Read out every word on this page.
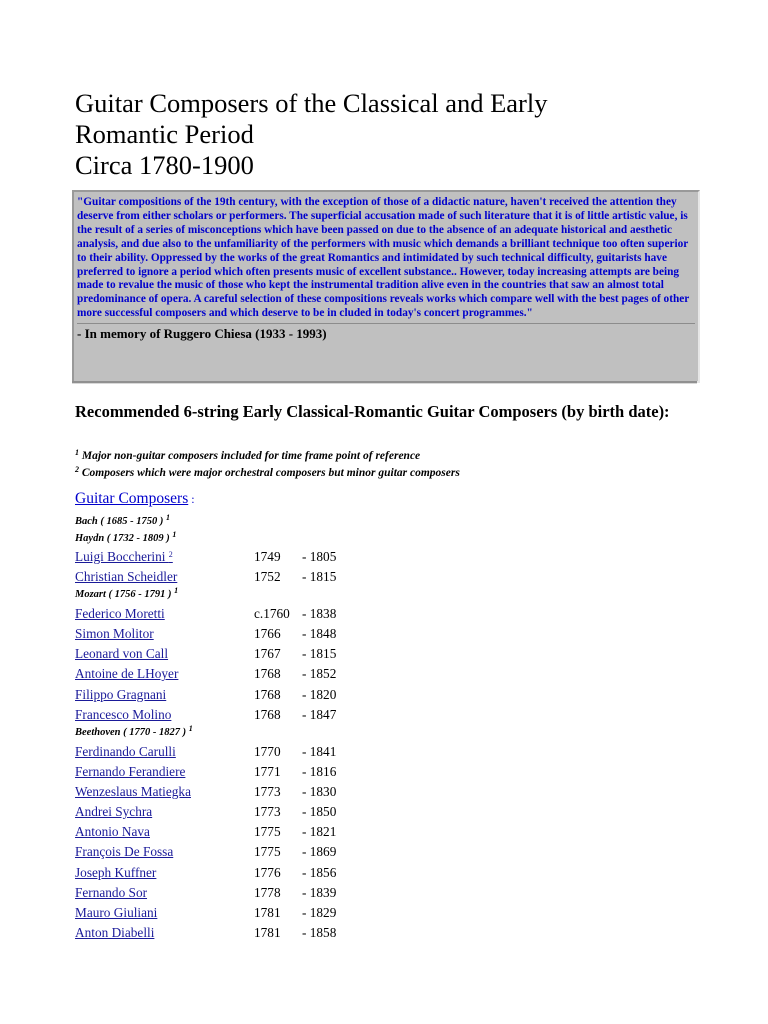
Guitar Composers of the Classical and Early
Romantic Period
Circa 1780-1900

"Guitar compositions of the 19th century, with the exception of those of a didactic nature, haven't received the attention they deserve from either scholars or performers. The superficial accusation made of such literature that it is of little artistic value, is the result of a series of misconceptions which have been passed on due to the absence of an adequate historical and aesthetic analysis, and due also to the unfamiliarity of the performers with music which demands a brilliant technique too often superior to their ability. Oppressed by the works of the great Romantics and intimidated by such technical difficulty, guitarists have preferred to ignore a period which often presents music of excellent substance.. However, today increasing attempts are being made to revalue the music of those who kept the instrumental tradition alive even in the countries that saw an almost total predominance of opera. A careful selection of these compositions reveals works which compare well with the best pages of other more successful composers and which deserve to be in cluded in today's concert programmes."

- In memory of Ruggero Chiesa (1933 - 1993)

Recommended 6-string Early Classical-Romantic Guitar Composers (by birth date):

$^1$ Major non-guitar composers included for time frame point of reference

$^2$ Composers which were major orchestral composers but minor guitar composers

Guitar Composers :
Bach ( 1685 - 1750 ) $^1$
Haydn ( 1732 - 1809 ) $^1$
Luigi Boccherini $^2$	1749 - 1805
Christian Scheidler	1752 - 1815
Mozart ( 1756 - 1791 ) $^1$
Federico Moretti	c.1760 - 1838
Simon Molitor	1766 - 1848
Leonard von Call	1767 - 1815
Antoine de LHoyer	1768 - 1852
Filippo Gragnani	1768 - 1820
Francesco Molino	1768 - 1847
Beethoven ( 1770 - 1827 ) $^1$
Ferdinando Carulli	1770 - 1841
Fernando Ferandiere	1771 - 1816
Wenzeslaus Matiegka	1773 - 1830
Andrei Sychra	1773 - 1850
Antonio Nava	1775 - 1821
François De Fossa	1775 - 1869
Joseph Kuffner	1776 - 1856
Fernando Sor	1778 - 1839
Mauro Giuliani	1781 - 1829
Anton Diabelli	1781 - 1858
